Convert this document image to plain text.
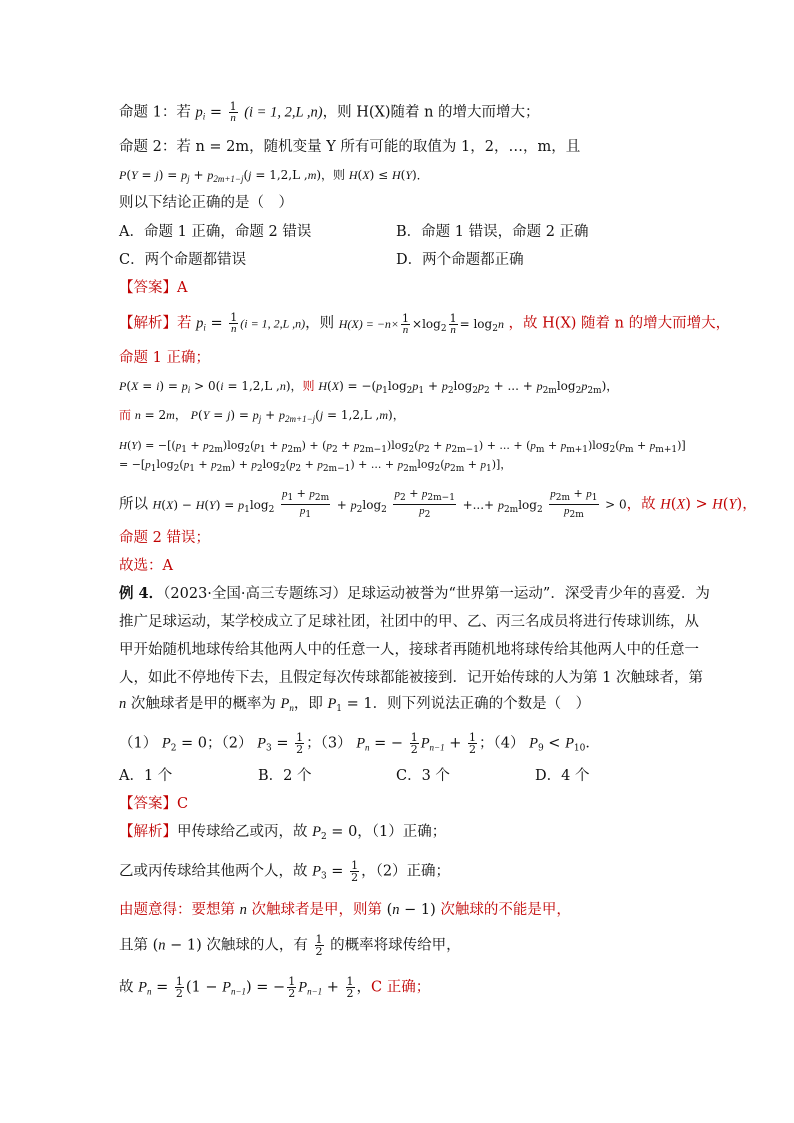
命题 1：若 $p_i = \frac{1}{n} (i = 1$, 2,L ,n)，则 H(X)随着 n 的增大而增大；
命题 2：若 n = 2m，随机变量 Y 所有可能的取值为 1，2，…，m，且
$P(Y = j) = p_j + p_{2m+1-j}(j = 1,2,L$ ,m)，则 H(X) ≤ H(Y)．
则以下结论正确的是（　）
A．命题 1 正确，命题 2 错误	B．命题 1 错误，命题 2 正确
C．两个命题都错误	D．两个命题都正确
【答案】A
【解析】若 $p_i = \frac{1}{n} (i = 1$, 2,L ,n)，则 $H(X) = -n\times \frac{1}{n} \times\log_2 \frac{1}{n} = \log_2n$ ，故 H(X) 随着 n 的增大而增大，
命题 1 正确；
$P(X = i) = p_i > 0(i = 1,2,L$ ,n)，则 $H(X) = -(p_1\log_2p_1 + p_2\log_2p_2$ + ... + $p_{2m}\log_2p_{2m}$)，
而 n = 2m， $P(Y = j) = p_j + p_{2m+1-j}(j = 1,2,L$ ,m)，
$H(Y) = -[(p_1 + p_{2m})\log_2(p_1 + p_{2m}) + (p_2 + p_{2m-1})\log_2(p_2 + p_{2m-1})$ + ... + $(p_m + p_{m+1})\log_2(p_m + p_{m+1})$]
= $-[p_1\log_2(p_1 + p_{2m}) + p_2\log_2(p_2 + p_{2m-1})$ + ... + $p_{2m}\log_2(p_{2m} + p_1)$]，
所以 $H(X) - H(Y) = p_1\log_2 \frac{p_1 + p_{2m}}{p_1} + p_2\log_2 \frac{p_2 + p_{2m-1}}{p_2}$ +...+ $p_{2m}\log_2 \frac{p_{2m} + p_1}{p_{2m}} > 0$，故 H(X) > H(Y)，
命题 2 错误；
故选：A
例 4．（2023·全国·高三专题练习）足球运动被誉为“世界第一运动”．深受青少年的喜爱．为
推广足球运动，某学校成立了足球社团，社团中的甲、乙、丙三名成员将进行传球训练，从
甲开始随机地球传给其他两人中的任意一人，接球者再随机地将球传给其他两人中的任意一
人，如此不停地传下去，且假定每次传球都能被接到．记开始传球的人为第 1 次触球者，第
n 次触球者是甲的概率为 $P_n$，即 $P_1 = 1$．则下列说法正确的个数是（　）
（1） $P_2 = 0$；（2） $P_3 = \frac{1}{2}$ ；（3） $P_n$ = − $\frac{1}{2} P_{n-1} + \frac{1}{2}$ ；（4） $P_9 < P_{10}$．
A．1 个	B．2 个	C．3 个	D．4 个
【答案】C
【解析】甲传球给乙或丙，故 $P_2 = 0$，（1）正确；
乙或丙传球给其他两个人，故 $P_3 = \frac{1}{2}$ ，（2）正确；
由题意得：要想第 n 次触球者是甲，则第 (n − 1) 次触球的不能是甲，
且第 (n − 1) 次触球的人，有 $\frac{1}{2}$ 的概率将球传给甲，
故 $P_n = \frac{1}{2} (1 - P_{n-1})$ = − $\frac{1}{2} P_{n-1} + \frac{1}{2}$ ，C 正确；
